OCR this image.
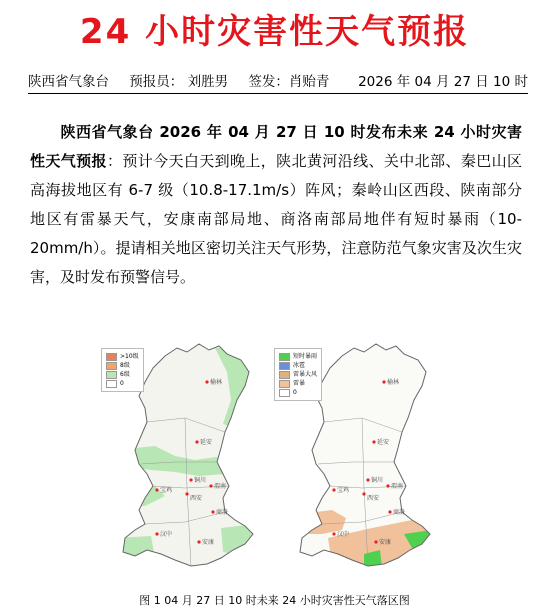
24 小时灾害性天气预报
陕西省气象台 预报员： 刘胜男 签发：肖贻青	2026 年 04 月 27 日 10 时
陕西省气象台 2026 年 04 月 27 日 10 时发布未来 24 小时灾害性天气预报：预计今天白天到晚上，陕北黄河沿线、关中北部、秦巴山区高海拔地区有 6-7 级（10.8-17.1m/s）阵风；秦岭山区西段、陕南部分地区有雷暴天气，安康南部局地、商洛南部局地伴有短时暴雨（10-20mm/h）。提请相关地区密切关注天气形势，注意防范气象灾害及次生灾害，及时发布预警信号。
榆林
延安
铜川
渭南
西安
宝鸡
商洛
汉中
安康
>10级
8级
6级
0	榆林
延安
铜川
渭南
西安
宝鸡
商洛
汉中
安康
短时暴雨
冰雹
雷暴大风
雷暴
0
图 1 04 月 27 日 10 时未来 24 小时灾害性天气落区图
